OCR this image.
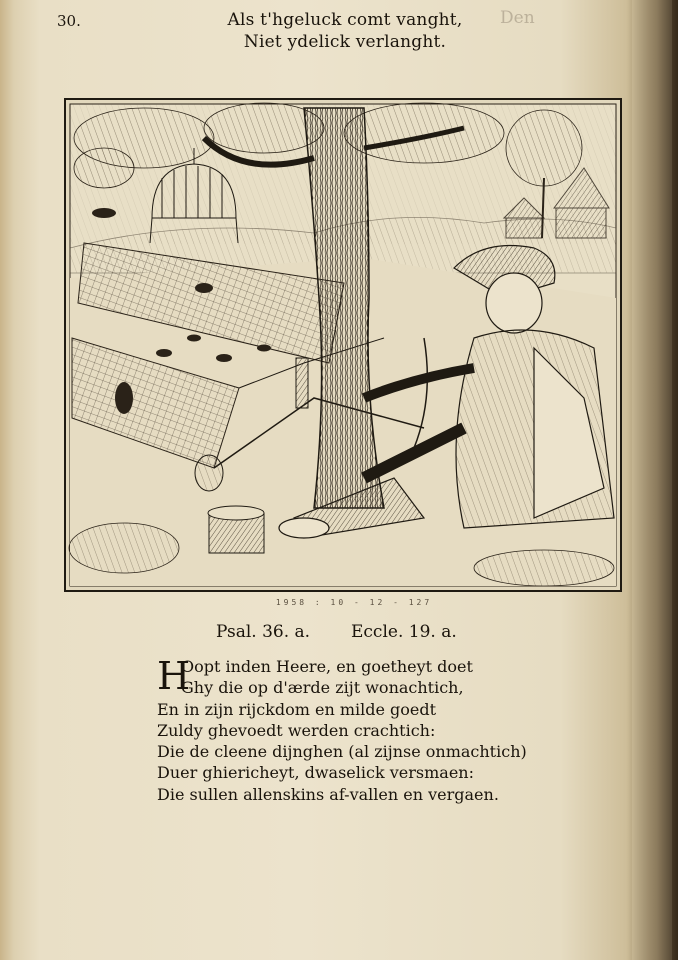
30.	Als t'hgeluck comt vanght,
Niet ydelick verlanght.
Den
1958 : 10 - 12 - 127
Psal. 36. a. Eccle. 19. a.
H
Oopt inden Heere, en goetheyt doet
Ghy die op d'ærde zijt wonachtich,
En in zijn rijckdom en milde goedt
Zuldy ghevoedt werden crachtich:
Die de cleene dijnghen (al zijnse onmachtich)
Duer ghiericheyt, dwaselick versmaen:
Die sullen allenskins af-vallen en vergaen.
